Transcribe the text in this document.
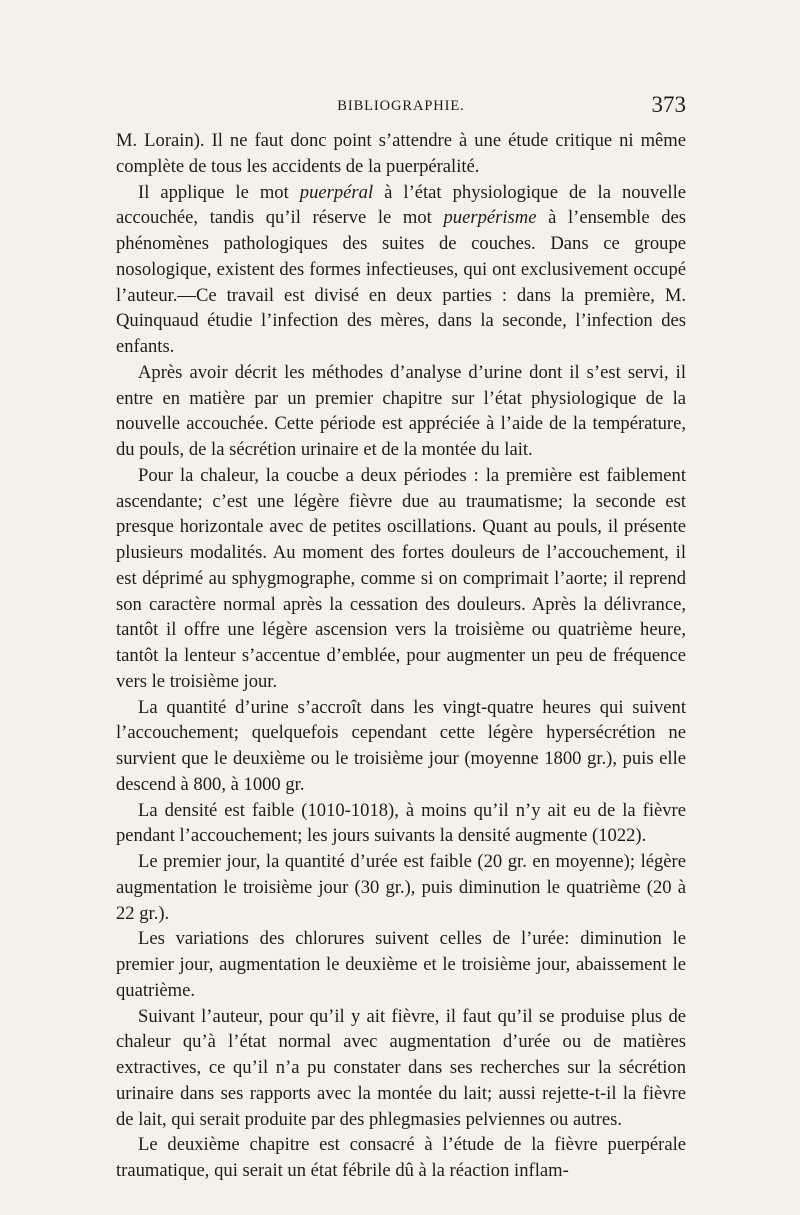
BIBLIOGRAPHIE.	373

M. Lorain). Il ne faut donc point s’attendre à une étude critique ni même complète de tous les accidents de la puerpéralité.

Il applique le mot puerpéral à l’état physiologique de la nouvelle accouchée, tandis qu’il réserve le mot puerpérisme à l’ensemble des phénomènes pathologiques des suites de couches. Dans ce groupe nosologique, existent des formes infectieuses, qui ont exclusivement occupé l’auteur.—Ce travail est divisé en deux parties : dans la première, M. Quinquaud étudie l’infection des mères, dans la seconde, l’infection des enfants.

Après avoir décrit les méthodes d’analyse d’urine dont il s’est servi, il entre en matière par un premier chapitre sur l’état physiologique de la nouvelle accouchée. Cette période est appréciée à l’aide de la température, du pouls, de la sécrétion urinaire et de la montée du lait.

Pour la chaleur, la coucbe a deux périodes : la première est faiblement ascendante; c’est une légère fièvre due au traumatisme; la seconde est presque horizontale avec de petites oscillations. Quant au pouls, il présente plusieurs modalités. Au moment des fortes douleurs de l’accouchement, il est déprimé au sphygmographe, comme si on comprimait l’aorte; il reprend son caractère normal après la cessation des douleurs. Après la délivrance, tantôt il offre une légère ascension vers la troisième ou quatrième heure, tantôt la lenteur s’accentue d’emblée, pour augmenter un peu de fréquence vers le troisième jour.

La quantité d’urine s’accroît dans les vingt-quatre heures qui suivent l’accouchement; quelquefois cependant cette légère hypersécrétion ne survient que le deuxième ou le troisième jour (moyenne 1800 gr.), puis elle descend à 800, à 1000 gr.

La densité est faible (1010-1018), à moins qu’il n’y ait eu de la fièvre pendant l’accouchement; les jours suivants la densité augmente (1022).

Le premier jour, la quantité d’urée est faible (20 gr. en moyenne); légère augmentation le troisième jour (30 gr.), puis diminution le quatrième (20 à 22 gr.).

Les variations des chlorures suivent celles de l’urée: diminution le premier jour, augmentation le deuxième et le troisième jour, abaissement le quatrième.

Suivant l’auteur, pour qu’il y ait fièvre, il faut qu’il se produise plus de chaleur qu’à l’état normal avec augmentation d’urée ou de matières extractives, ce qu’il n’a pu constater dans ses recherches sur la sécrétion urinaire dans ses rapports avec la montée du lait; aussi rejette-t-il la fièvre de lait, qui serait produite par des phlegmasies pelviennes ou autres.

Le deuxième chapitre est consacré à l’étude de la fièvre puerpérale traumatique, qui serait un état fébrile dû à la réaction inflam-
